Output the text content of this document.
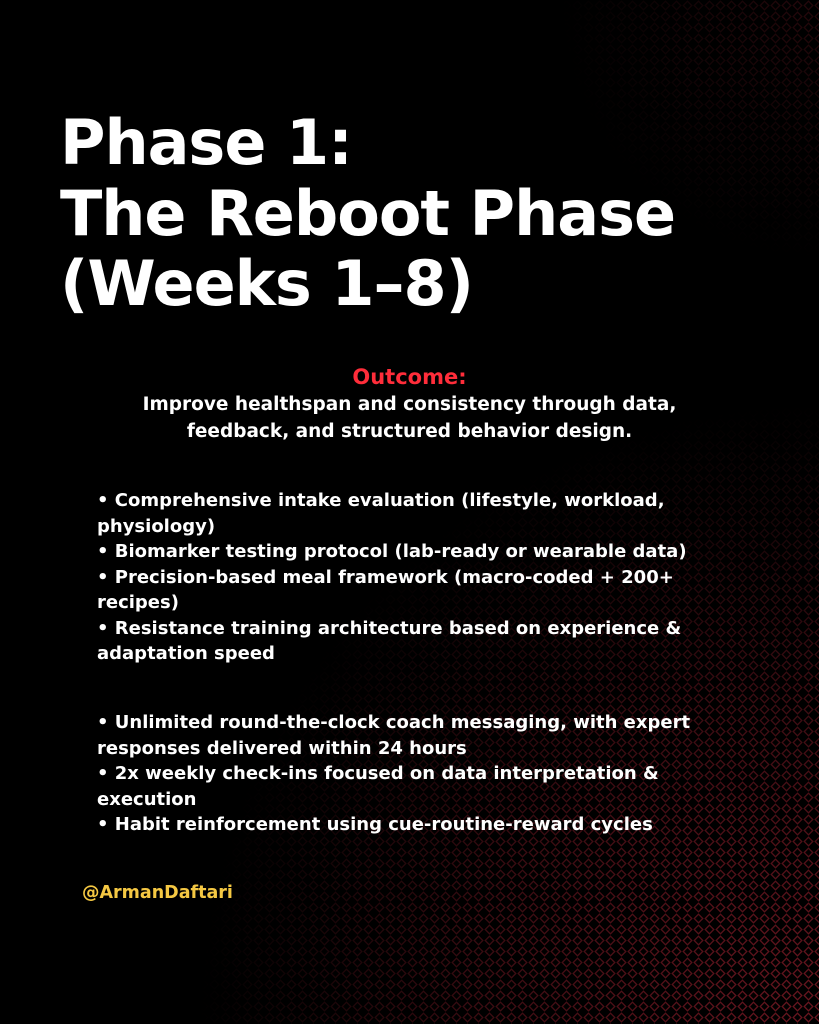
Phase 1:
The Reboot Phase
(Weeks 1–8)
Outcome:
Improve healthspan and consistency through data,
feedback, and structured behavior design.
• Comprehensive intake evaluation (lifestyle, workload, physiology)
• Biomarker testing protocol (lab-ready or wearable data)
• Precision-based meal framework (macro-coded + 200+ recipes)
• Resistance training architecture based on experience & adaptation speed
• Unlimited round-the-clock coach messaging, with expert responses delivered within 24 hours
• 2x weekly check-ins focused on data interpretation & execution
• Habit reinforcement using cue-routine-reward cycles
@ArmanDaftari
